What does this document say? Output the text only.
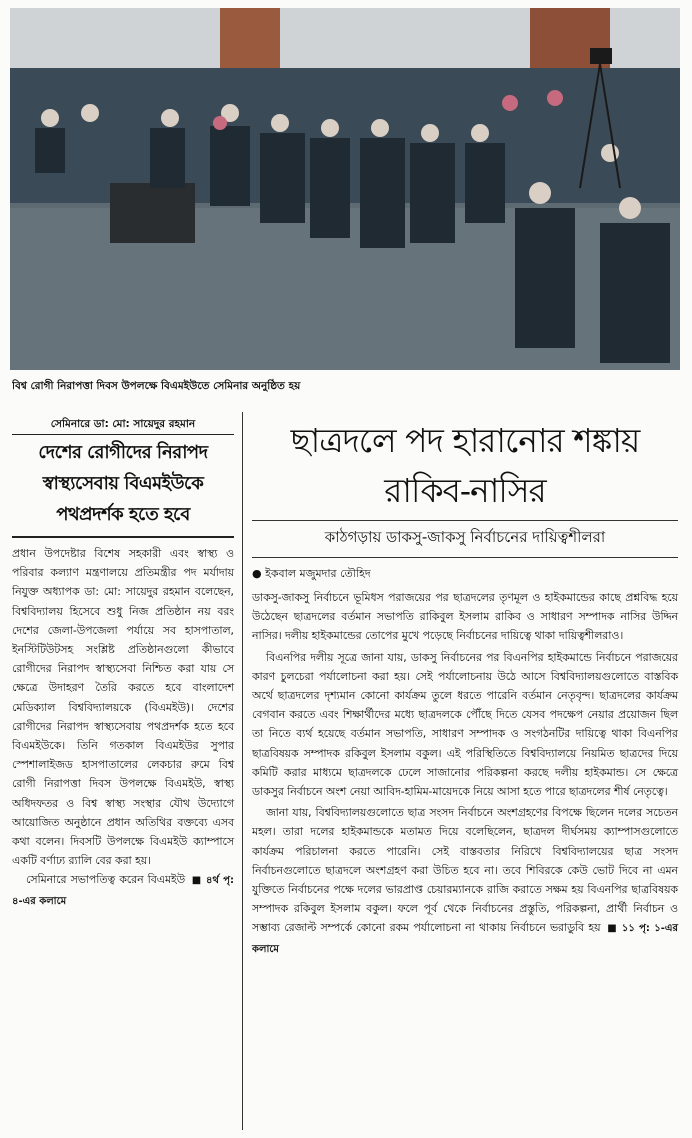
বিশ্ব রোগী নিরাপত্তা দিবস উপলক্ষে বিএমইউতে সেমিনার অনুষ্ঠিত হয়
সেমিনারে ডা: মো: সায়েদুর রহমান
দেশের রোগীদের নিরাপদ স্বাস্থ্যসেবায় বিএমইউকে পথপ্রদর্শক হতে হবে

প্রধান উপদেষ্টার বিশেষ সহকারী এবং স্বাস্থ্য ও পরিবার কল্যাণ মন্ত্রণালয়ে প্রতিমন্ত্রীর পদ মর্যাদায় নিযুক্ত অধ্যাপক ডা: মো: সায়েদুর রহমান বলেছেন, বিশ্ববিদ্যালয় হিসেবে শুধু নিজ প্রতিষ্ঠান নয় বরং দেশের জেলা-উপজেলা পর্যায়ে সব হাসপাতাল, ইনস্টিটিউটসহ সংশ্লিষ্ট প্রতিষ্ঠানগুলো কীভাবে রোগীদের নিরাপদ স্বাস্থ্যসেবা নিশ্চিত করা যায় সে ক্ষেত্রে উদাহরণ তৈরি করতে হবে বাংলাদেশ মেডিক্যাল বিশ্ববিদ্যালয়কে (বিএমইউ)। দেশের রোগীদের নিরাপদ স্বাস্থ্যসেবায় পথপ্রদর্শক হতে হবে বিএমইউকে। তিনি গতকাল বিএমইউর সুপার স্পেশালাইজড হাসপাতালের লেকচার রুমে বিশ্ব রোগী নিরাপত্তা দিবস উপলক্ষে বিএমইউ, স্বাস্থ্য অধিদফতর ও বিশ্ব স্বাস্থ্য সংস্থার যৌথ উদ্যোগে আয়োজিত অনুষ্ঠানে প্রধান অতিথির বক্তব্যে এসব কথা বলেন। দিবসটি উপলক্ষে বিএমইউ ক্যাম্পাসে একটি বর্ণাঢ্য র‍্যালি বের করা হয়।

সেমিনারে সভাপতিত্ব করেন বিএমইউ ■ ৪র্থ পৃ: ৪-এর কলামে

ছাত্রদলে পদ হারানোর শঙ্কায় রাকিব-নাসির
কাঠগড়ায় ডাকসু-জাকসু নির্বাচনের দায়িত্বশীলরা
● ইকবাল মজুমদার তৌহিদ

ডাকসু-জাকসু নির্বাচনে ভূমিধস পরাজয়ের পর ছাত্রদলের তৃণমূল ও হাইকমান্ডের কাছে প্রশ্নবিদ্ধ হয়ে উঠেছেন ছাত্রদলের বর্তমান সভাপতি রাকিবুল ইসলাম রাকিব ও সাধারণ সম্পাদক নাসির উদ্দিন নাসির। দলীয় হাইকমান্ডের তোপের মুখে পড়েছে নির্বাচনের দায়িত্বে থাকা দায়িত্বশীলরাও।

বিএনপির দলীয় সূত্রে জানা যায়, ডাকসু নির্বাচনের পর বিএনপির হাইকমান্ডে নির্বাচনে পরাজয়ের কারণ চুলচেরা পর্যালোচনা করা হয়। সেই পর্যালোচনায় উঠে আসে বিশ্ববিদ্যালয়গুলোতে বাস্তবিক অর্থে ছাত্রদলের দৃশ্যমান কোনো কার্যক্রম তুলে ধরতে পারেনি বর্তমান নেতৃবৃন্দ। ছাত্রদলের কার্যক্রম বেগবান করতে এবং শিক্ষার্থীদের মধ্যে ছাত্রদলকে পৌঁছে দিতে যেসব পদক্ষেপ নেয়ার প্রয়োজন ছিল তা নিতে ব্যর্থ হয়েছে বর্তমান সভাপতি, সাধারণ সম্পাদক ও সংগঠনটির দায়িত্বে থাকা বিএনপির ছাত্রবিষয়ক সম্পাদক রকিবুল ইসলাম বকুল। এই পরিস্থিতিতে বিশ্ববিদ্যালয়ে নিয়মিত ছাত্রদের দিয়ে কমিটি করার মাধ্যমে ছাত্রদলকে ঢেলে সাজানোর পরিকল্পনা করছে দলীয় হাইকমান্ড। সে ক্ষেত্রে ডাকসুর নির্বাচনে অংশ নেয়া আবিদ-হামিম-মায়েদকে নিয়ে আসা হতে পারে ছাত্রদলের শীর্ষ নেতৃত্বে।

জানা যায়, বিশ্ববিদ্যালয়গুলোতে ছাত্র সংসদ নির্বাচনে অংশগ্রহণের বিপক্ষে ছিলেন দলের সচেতন মহল। তারা দলের হাইকমান্ডকে মতামত দিয়ে বলেছিলেন, ছাত্রদল দীর্ঘসময় ক্যাম্পাসগুলোতে কার্যক্রম পরিচালনা করতে পারেনি। সেই বাস্তবতার নিরিখে বিশ্ববিদ্যালয়ের ছাত্র সংসদ নির্বাচনগুলোতে ছাত্রদলে অংশগ্রহণ করা উচিত হবে না। তবে শিবিরকে কেউ ভোট দিবে না এমন যুক্তিতে নির্বাচনের পক্ষে দলের ভারপ্রাপ্ত চেয়ারম্যানকে রাজি করাতে সক্ষম হয় বিএনপির ছাত্রবিষয়ক সম্পাদক রকিবুল ইসলাম বকুল। ফলে পূর্ব থেকে নির্বাচনের প্রস্তুতি, পরিকল্পনা, প্রার্থী নির্বাচন ও সম্ভাব্য রেজাল্ট সম্পর্কে কোনো রকম পর্যালোচনা না থাকায় নির্বাচনে ভরাডুবি হয় ■ ১১ পৃ: ১-এর কলামে
